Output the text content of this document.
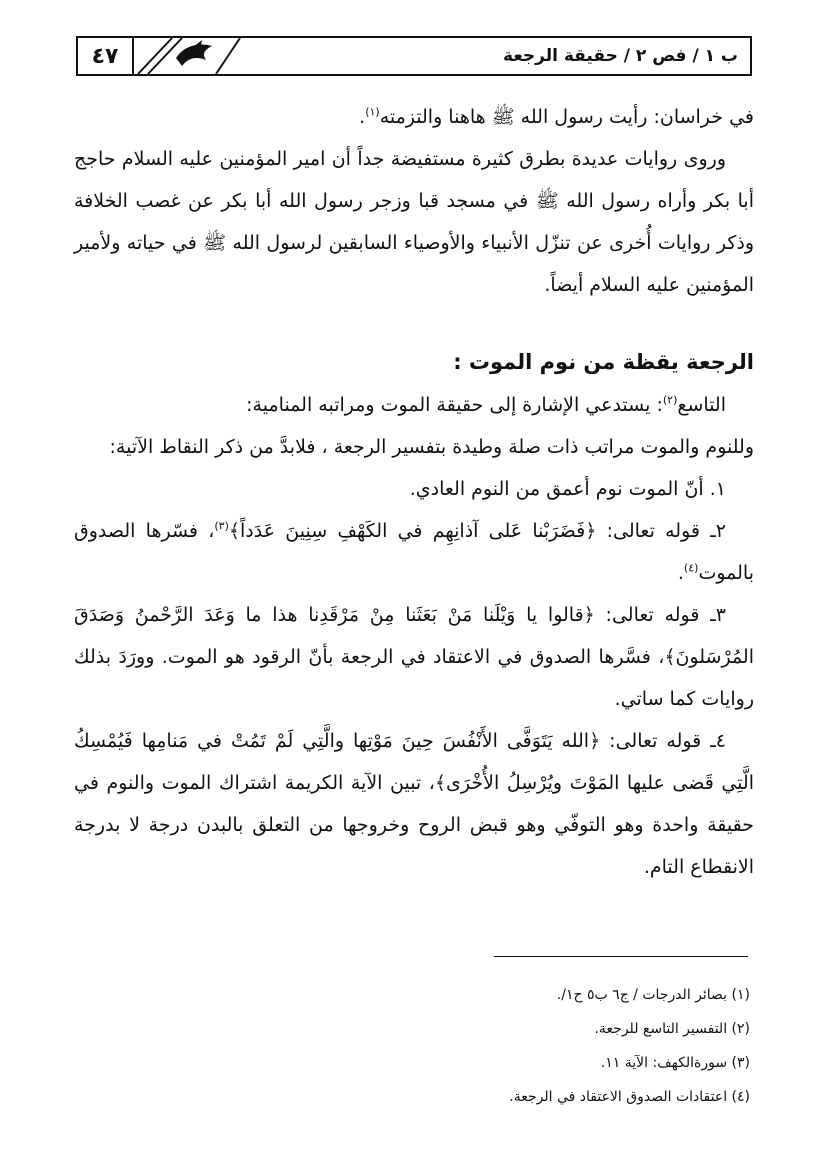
٤٧	ب ١ / فص ٢ / حقيقة الرجعة

في خراسان: رأيت رسول الله ﷺ هاهنا والتزمته$^{(١)}$.

وروى روايات عديدة بطرق كثيرة مستفيضة جداً أن امير المؤمنين عليه السلام حاجج أبا بكر وأراه رسول الله ﷺ في مسجد قبا وزجر رسول الله أبا بكر عن غصب الخلافة وذكر روايات أُخرى عن تنزّل الأنبياء والأوصياء السابقين لرسول الله ﷺ في حياته ولأمير المؤمنين عليه السلام أيضاً.

الرجعة يقظة من نوم الموت :

التاسع$^{(٢)}$: يستدعي الإشارة إلى حقيقة الموت ومراتبه المنامية:

وللنوم والموت مراتب ذات صلة وطيدة بتفسير الرجعة ، فلابدَّ من ذكر النقاط الآتية:

١. أنّ الموت نوم أعمق من النوم العادي.

٢ـ قوله تعالى: ﴿فَضَرَبْنا عَلى آذانِهِم في الكَهْفِ سِنِينَ عَدَداً﴾$^{(٣)}$، فسّرها الصدوق بالموت$^{(٤)}$.

٣ـ قوله تعالى: ﴿قالوا يا وَيْلَنا مَنْ بَعَثَنا مِنْ مَرْقَدِنا هذا ما وَعَدَ الرَّحْمنُ وَصَدَقَ المُرْسَلونَ﴾، فسَّرها الصدوق في الاعتقاد في الرجعة بأنّ الرقود هو الموت. وورَدَ بذلك روايات كما ساتي.

٤ـ قوله تعالى: ﴿الله يَتَوَفَّى الأَنْفُسَ حِينَ مَوْتِها والَّتِي لَمْ تَمُتْ في مَنامِها فَيُمْسِكُ الَّتِي قَضى عليها المَوْتَ ويُرْسِلُ الأُخْرَى﴾، تبين الآية الكريمة اشتراك الموت والنوم في حقيقة واحدة وهو التوفّي وهو قبض الروح وخروجها من التعلق بالبدن درجة لا بدرجة الانقطاع التام.

(١) بصائر الدرجات / ج٦ ب٥ ح١/.
(٢) التفسير التاسع للرجعة.
(٣) سورةالكهف: الآية ١١.
(٤) اعتقادات الصدوق الاعتقاد في الرجعة.
